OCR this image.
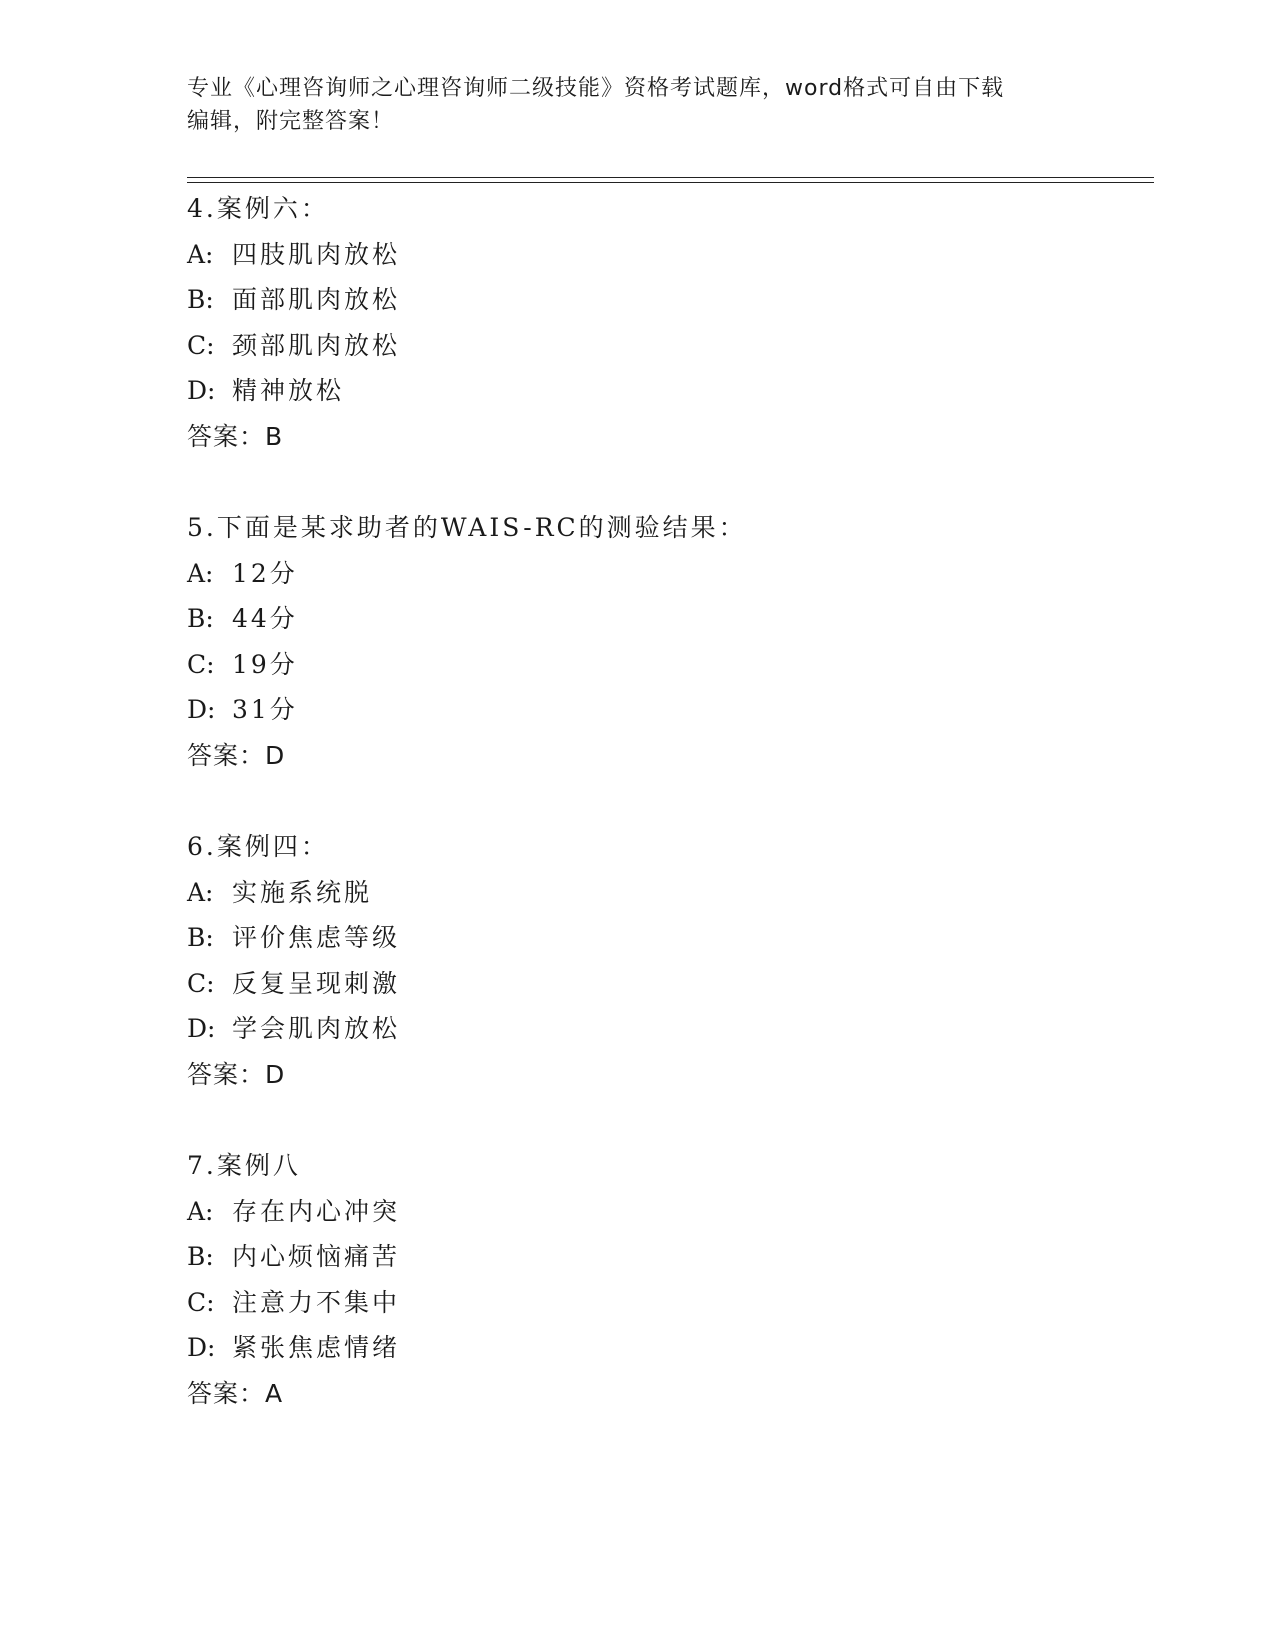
专业《心理咨询师之心理咨询师二级技能》资格考试题库，word格式可自由下载
编辑，附完整答案！
4.案例六：
A: 四肢肌肉放松
B: 面部肌肉放松
C: 颈部肌肉放松
D: 精神放松
答案：B
5.下面是某求助者的WAIS-RC的测验结果：
A: 12分
B: 44分
C: 19分
D: 31分
答案：D
6.案例四：
A: 实施系统脱
B: 评价焦虑等级
C: 反复呈现刺激
D: 学会肌肉放松
答案：D
7.案例八
A: 存在内心冲突
B: 内心烦恼痛苦
C: 注意力不集中
D: 紧张焦虑情绪
答案：A
